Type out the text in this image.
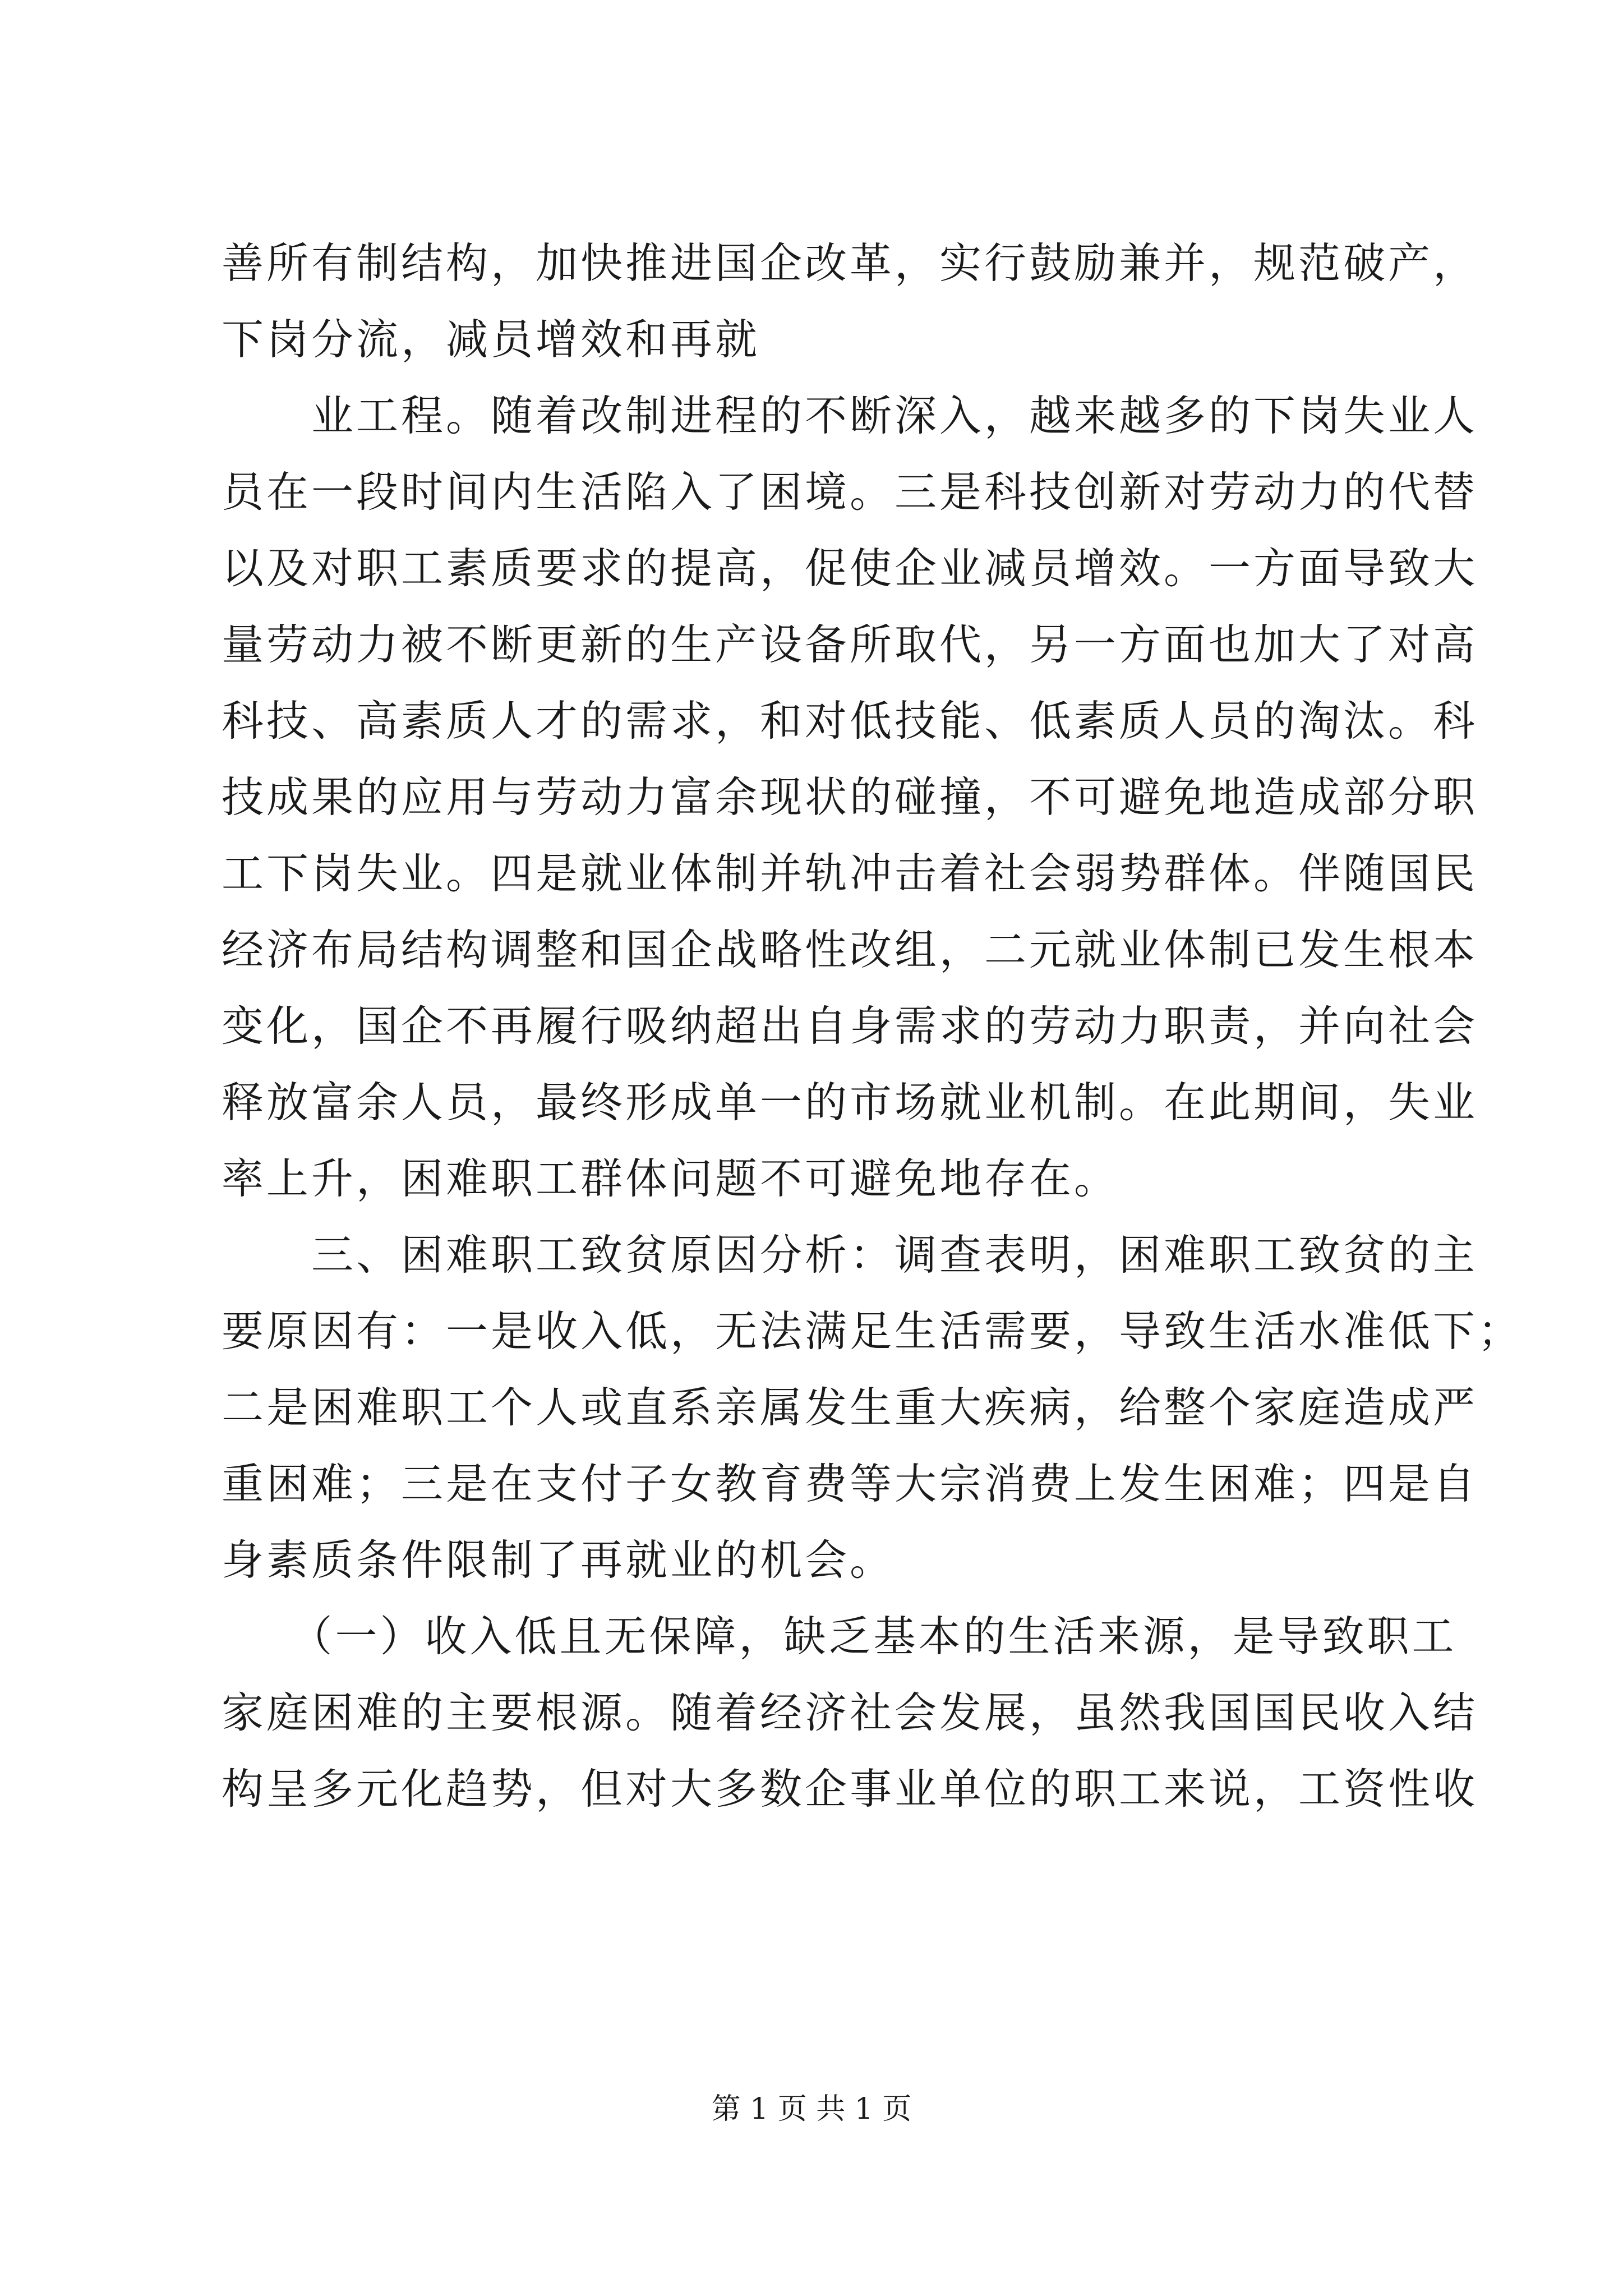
善所有制结构，加快推进国企改革，实行鼓励兼并，规范破产，
下岗分流，减员增效和再就
　　业工程。随着改制进程的不断深入，越来越多的下岗失业人
员在一段时间内生活陷入了困境。三是科技创新对劳动力的代替
以及对职工素质要求的提高，促使企业减员增效。一方面导致大
量劳动力被不断更新的生产设备所取代，另一方面也加大了对高
科技、高素质人才的需求，和对低技能、低素质人员的淘汰。科
技成果的应用与劳动力富余现状的碰撞，不可避免地造成部分职
工下岗失业。四是就业体制并轨冲击着社会弱势群体。伴随国民
经济布局结构调整和国企战略性改组，二元就业体制已发生根本
变化，国企不再履行吸纳超出自身需求的劳动力职责，并向社会
释放富余人员，最终形成单一的市场就业机制。在此期间，失业
率上升，困难职工群体问题不可避免地存在。
　　三、困难职工致贫原因分析：调查表明，困难职工致贫的主
要原因有：一是收入低，无法满足生活需要，导致生活水准低下；
二是困难职工个人或直系亲属发生重大疾病，给整个家庭造成严
重困难；三是在支付子女教育费等大宗消费上发生困难；四是自
身素质条件限制了再就业的机会。
　　（一）收入低且无保障，缺乏基本的生活来源，是导致职工
家庭困难的主要根源。随着经济社会发展，虽然我国国民收入结
构呈多元化趋势，但对大多数企事业单位的职工来说，工资性收
第 1 页 共 1 页
